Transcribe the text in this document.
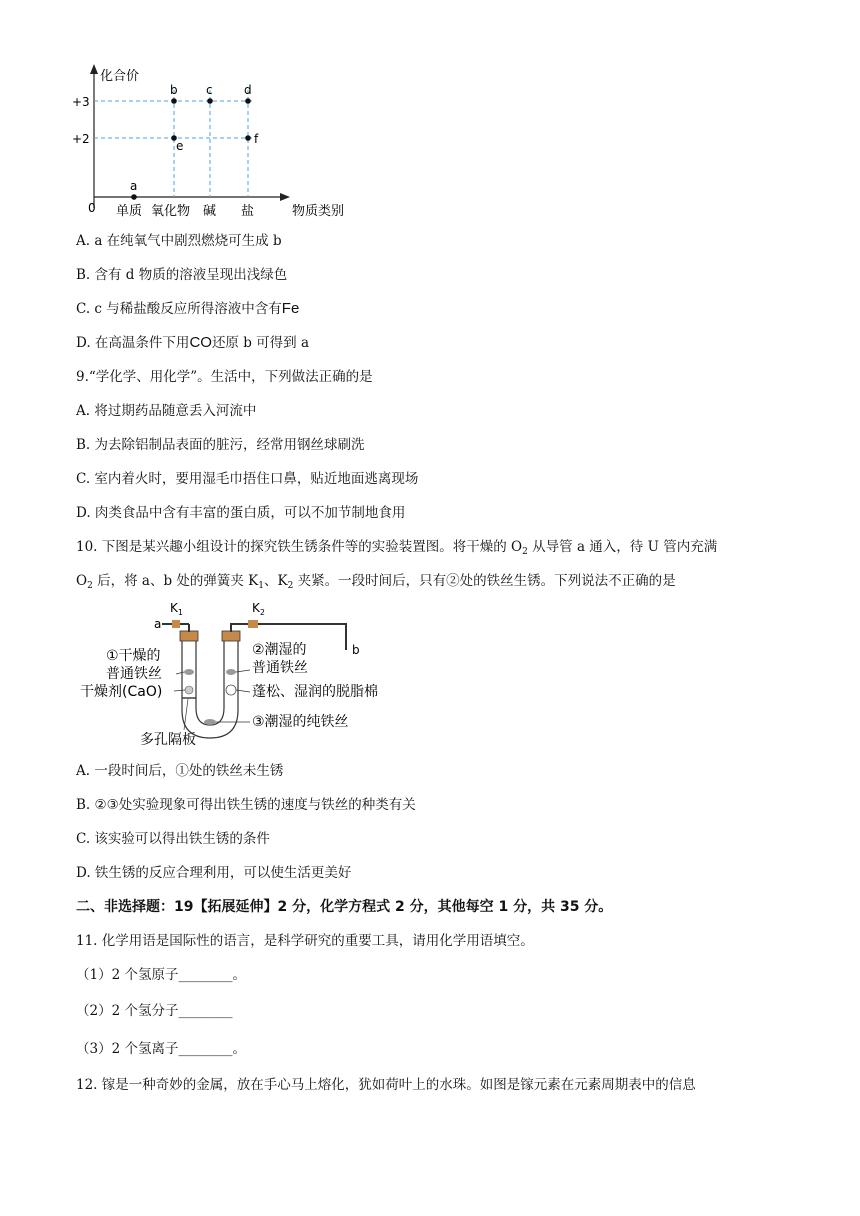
化合价
物质类别
0
+3
+2
a
b c	d
e	f
单质 氧化物 碱 盐
A. a 在纯氧气中剧烈燃烧可生成 b
B. 含有 d 物质的溶液呈现出浅绿色
C. c 与稀盐酸反应所得溶液中含有Fe
D. 在高温条件下用CO还原 b 可得到 a
9.“学化学、用化学”。生活中，下列做法正确的是
A. 将过期药品随意丢入河流中
B. 为去除铝制品表面的脏污，经常用钢丝球刷洗
C. 室内着火时，要用湿毛巾捂住口鼻，贴近地面逃离现场
D. 肉类食品中含有丰富的蛋白质，可以不加节制地食用
10. 下图是某兴趣小组设计的探究铁生锈条件等的实验装置图。将干燥的 $O_2$ 从导管 a 通入，待 U 管内充满
$O_2$ 后，将 a、b 处的弹簧夹 $K_1$、$K_2$ 夹紧。一段时间后，只有②处的铁丝生锈。下列说法不正确的是
$K_1$	$K_2$
a
b
①干燥的
普通铁丝
干燥剂(CaO)
多孔隔板
②潮湿的
普通铁丝
蓬松、湿润的脱脂棉
③潮湿的纯铁丝
A. 一段时间后，①处的铁丝未生锈
B. ②③处实验现象可得出铁生锈的速度与铁丝的种类有关
C. 该实验可以得出铁生锈的条件
D. 铁生锈的反应合理利用，可以使生活更美好
二、非选择题：19【拓展延伸】2 分，化学方程式 2 分，其他每空 1 分，共 35 分。
11. 化学用语是国际性的语言，是科学研究的重要工具，请用化学用语填空。
（1）2 个氢原子________。
（2）2 个氢分子________
（3）2 个氢离子________。
12. 镓是一种奇妙的金属，放在手心马上熔化，犹如荷叶上的水珠。如图是镓元素在元素周期表中的信息
